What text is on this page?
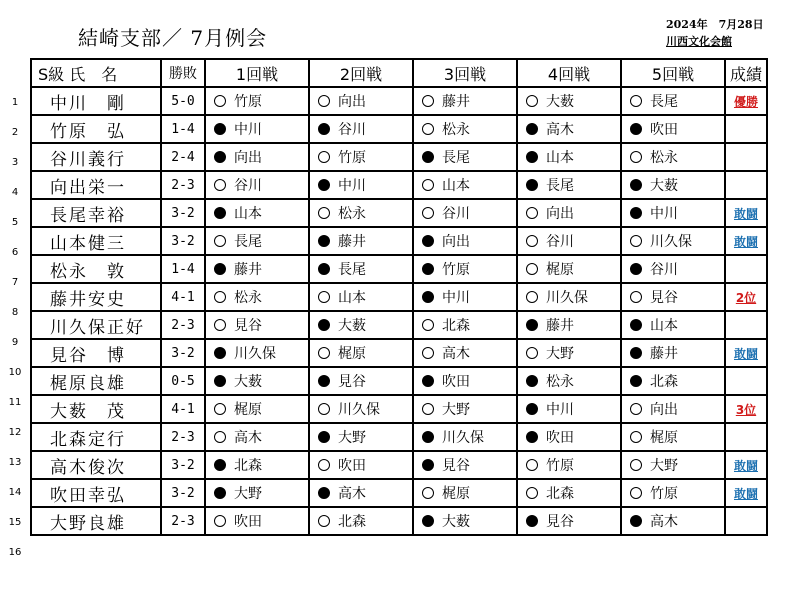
結崎支部／ 7月例会
2024年　7月28日
川西文化会館
1
2
3
4
5
6
7
8
9
10
11
12
13
14
15
16
S級 氏　名	勝敗	1回戦	2回戦	3回戦	4回戦	5回戦	成績
中川　剛	5-0	竹原	向出	藤井	大薮	長尾	優勝
竹原　弘	1-4	中川	谷川	松永	高木	吹田	
谷川義行	2-4	向出	竹原	長尾	山本	松永	
向出栄一	2-3	谷川	中川	山本	長尾	大薮	
長尾幸裕	3-2	山本	松永	谷川	向出	中川	敢闘
山本健三	3-2	長尾	藤井	向出	谷川	川久保	敢闘
松永　敦	1-4	藤井	長尾	竹原	梶原	谷川	
藤井安史	4-1	松永	山本	中川	川久保	見谷	2位
川久保正好	2-3	見谷	大薮	北森	藤井	山本	
見谷　博	3-2	川久保	梶原	高木	大野	藤井	敢闘
梶原良雄	0-5	大薮	見谷	吹田	松永	北森	
大薮　茂	4-1	梶原	川久保	大野	中川	向出	3位
北森定行	2-3	高木	大野	川久保	吹田	梶原	
高木俊次	3-2	北森	吹田	見谷	竹原	大野	敢闘
吹田幸弘	3-2	大野	高木	梶原	北森	竹原	敢闘
大野良雄	2-3	吹田	北森	大薮	見谷	高木	
